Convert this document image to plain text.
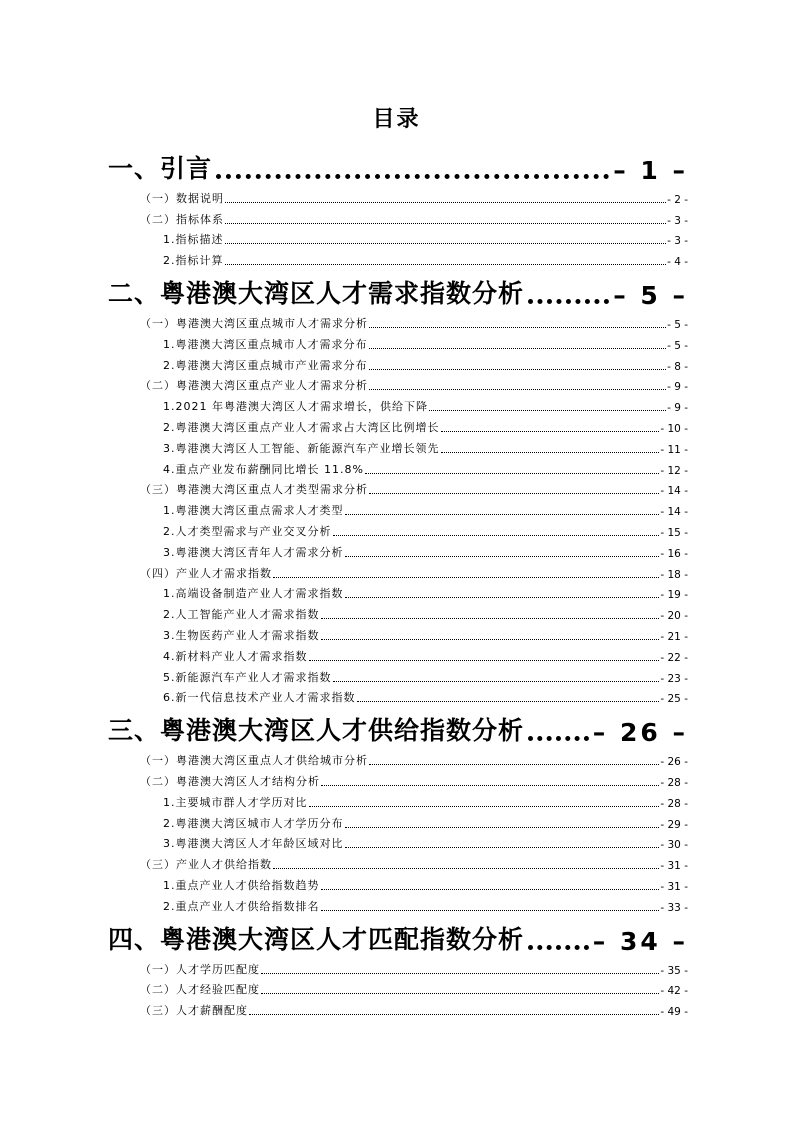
目录
一、引言	– 1 –
（一）数据说明	- 2 -
（二）指标体系	- 3 -
1.指标描述	- 3 -
2.指标计算	- 4 -
二、粤港澳大湾区人才需求指数分析	– 5 –
（一）粤港澳大湾区重点城市人才需求分析	- 5 -
1.粤港澳大湾区重点城市人才需求分布	- 5 -
2.粤港澳大湾区重点城市产业需求分布	- 8 -
（二）粤港澳大湾区重点产业人才需求分析	- 9 -
1.2021 年粤港澳大湾区人才需求增长，供给下降	- 9 -
2.粤港澳大湾区重点产业人才需求占大湾区比例增长	- 10 -
3.粤港澳大湾区人工智能、新能源汽车产业增长领先	- 11 -
4.重点产业发布薪酬同比增长 11.8%	- 12 -
（三）粤港澳大湾区重点人才类型需求分析	- 14 -
1.粤港澳大湾区重点需求人才类型	- 14 -
2.人才类型需求与产业交叉分析	- 15 -
3.粤港澳大湾区青年人才需求分析	- 16 -
（四）产业人才需求指数	- 18 -
1.高端设备制造产业人才需求指数	- 19 -
2.人工智能产业人才需求指数	- 20 -
3.生物医药产业人才需求指数	- 21 -
4.新材料产业人才需求指数	- 22 -
5.新能源汽车产业人才需求指数	- 23 -
6.新一代信息技术产业人才需求指数	- 25 -
三、粤港澳大湾区人才供给指数分析	– 26 –
（一）粤港澳大湾区重点人才供给城市分析	- 26 -
（二）粤港澳大湾区人才结构分析	- 28 -
1.主要城市群人才学历对比	- 28 -
2.粤港澳大湾区城市人才学历分布	- 29 -
3.粤港澳大湾区人才年龄区域对比	- 30 -
（三）产业人才供给指数	- 31 -
1.重点产业人才供给指数趋势	- 31 -
2.重点产业人才供给指数排名	- 33 -
四、粤港澳大湾区人才匹配指数分析	– 34 –
（一）人才学历匹配度	- 35 -
（二）人才经验匹配度	- 42 -
（三）人才薪酬配度	- 49 -
